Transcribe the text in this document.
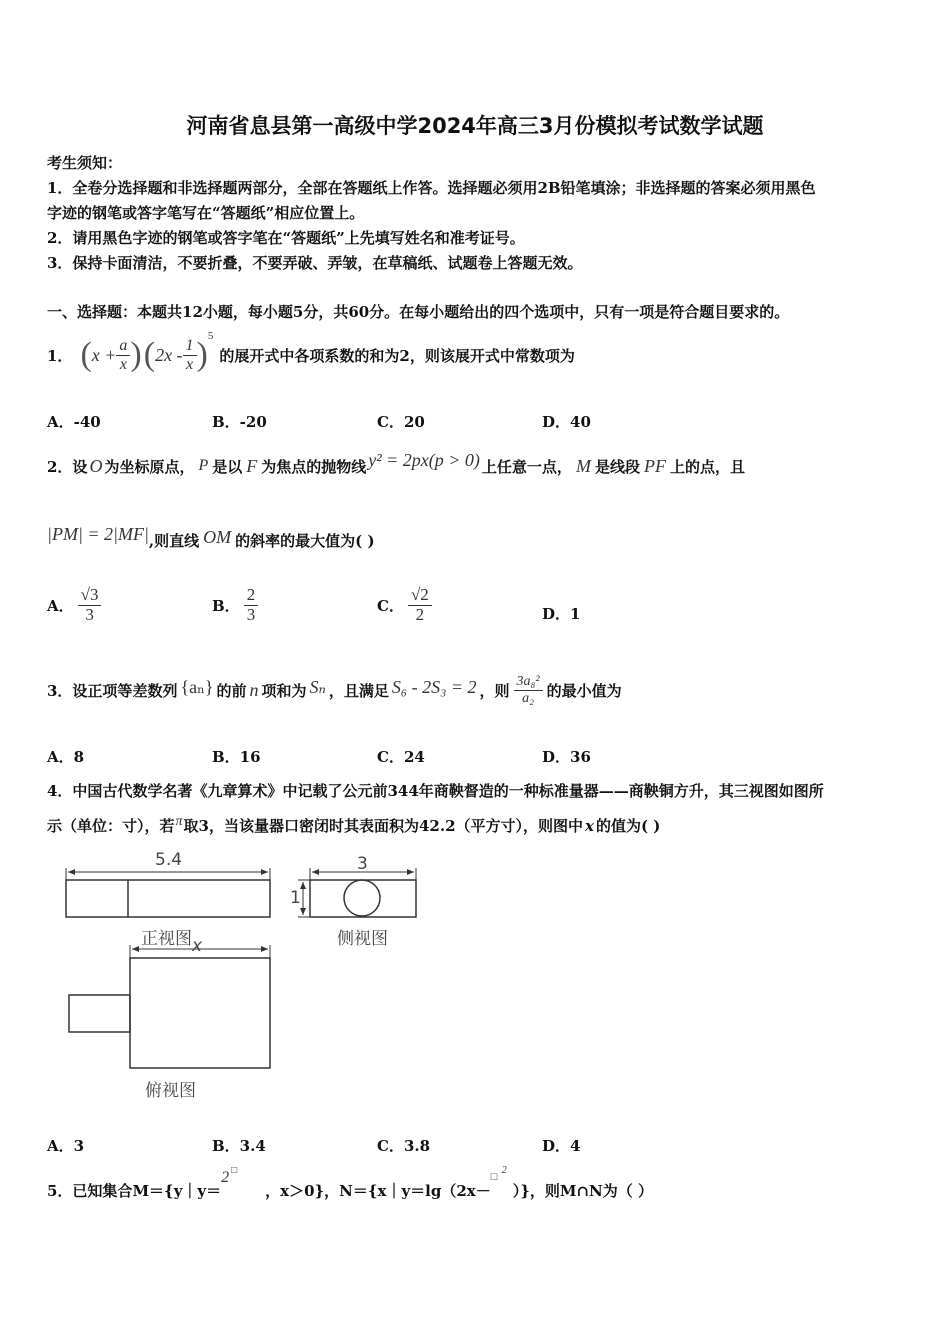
河南省息县第一高级中学2024年高三3月份模拟考试数学试题
考生须知：
1．全卷分选择题和非选择题两部分，全部在答题纸上作答。选择题必须用2B铅笔填涂；非选择题的答案必须用黑色
字迹的钢笔或答字笔写在“答题纸”相应位置上。
2．请用黑色字迹的钢笔或答字笔在“答题纸”上先填写姓名和准考证号。
3．保持卡面清洁，不要折叠，不要弄破、弄皱，在草稿纸、试题卷上答题无效。
一、选择题：本题共12小题，每小题5分，共60分。在每小题给出的四个选项中，只有一项是符合题目要求的。
1． ( $x + \frac{a}{x}$ ) ( $2x - \frac{1}{x}$ ) 5
的展开式中各项系数的和为2，则该展开式中常数项为
A．-40	B．-20	C．20	D．40
2．设 O 为坐标原点， P 是以 F 为焦点的抛物线 y² = 2px(p > 0) 上任意一点， M 是线段 PF 上的点，且
|PM| = 2|MF| ,则直线 OM 的斜率的最大值为( )
A． $\frac{√3}{3}$	B． $\frac{2}{3}$	C． $\frac{√2}{2}$	D．1
3．设正项等差数列 {aₙ} 的前 n 项和为 Sₙ ，且满足 S₆ - 2S₃ = 2 ，则 $\frac{\text{3a₈²}}{\text{a₂}}$ 的最小值为
A．8	B．16	C．24	D．36
4．中国古代数学名著《九章算术》中记载了公元前344年商鞅督造的一种标准量器——商鞅铜方升，其三视图如图所
示（单位：寸），若 π 取3，当该量器口密闭时其表面积为42.2（平方寸），则图中 x 的值为( )
5.4
正视图
3
1
侧视图
x
俯视图
A．3	B．3.4	C．3.8	D．4
5．已知集合M＝{y｜y＝
2 □
，x＞0}，N＝{x｜y＝lg（2x－
□
2
）}，则M∩N为（ ）
